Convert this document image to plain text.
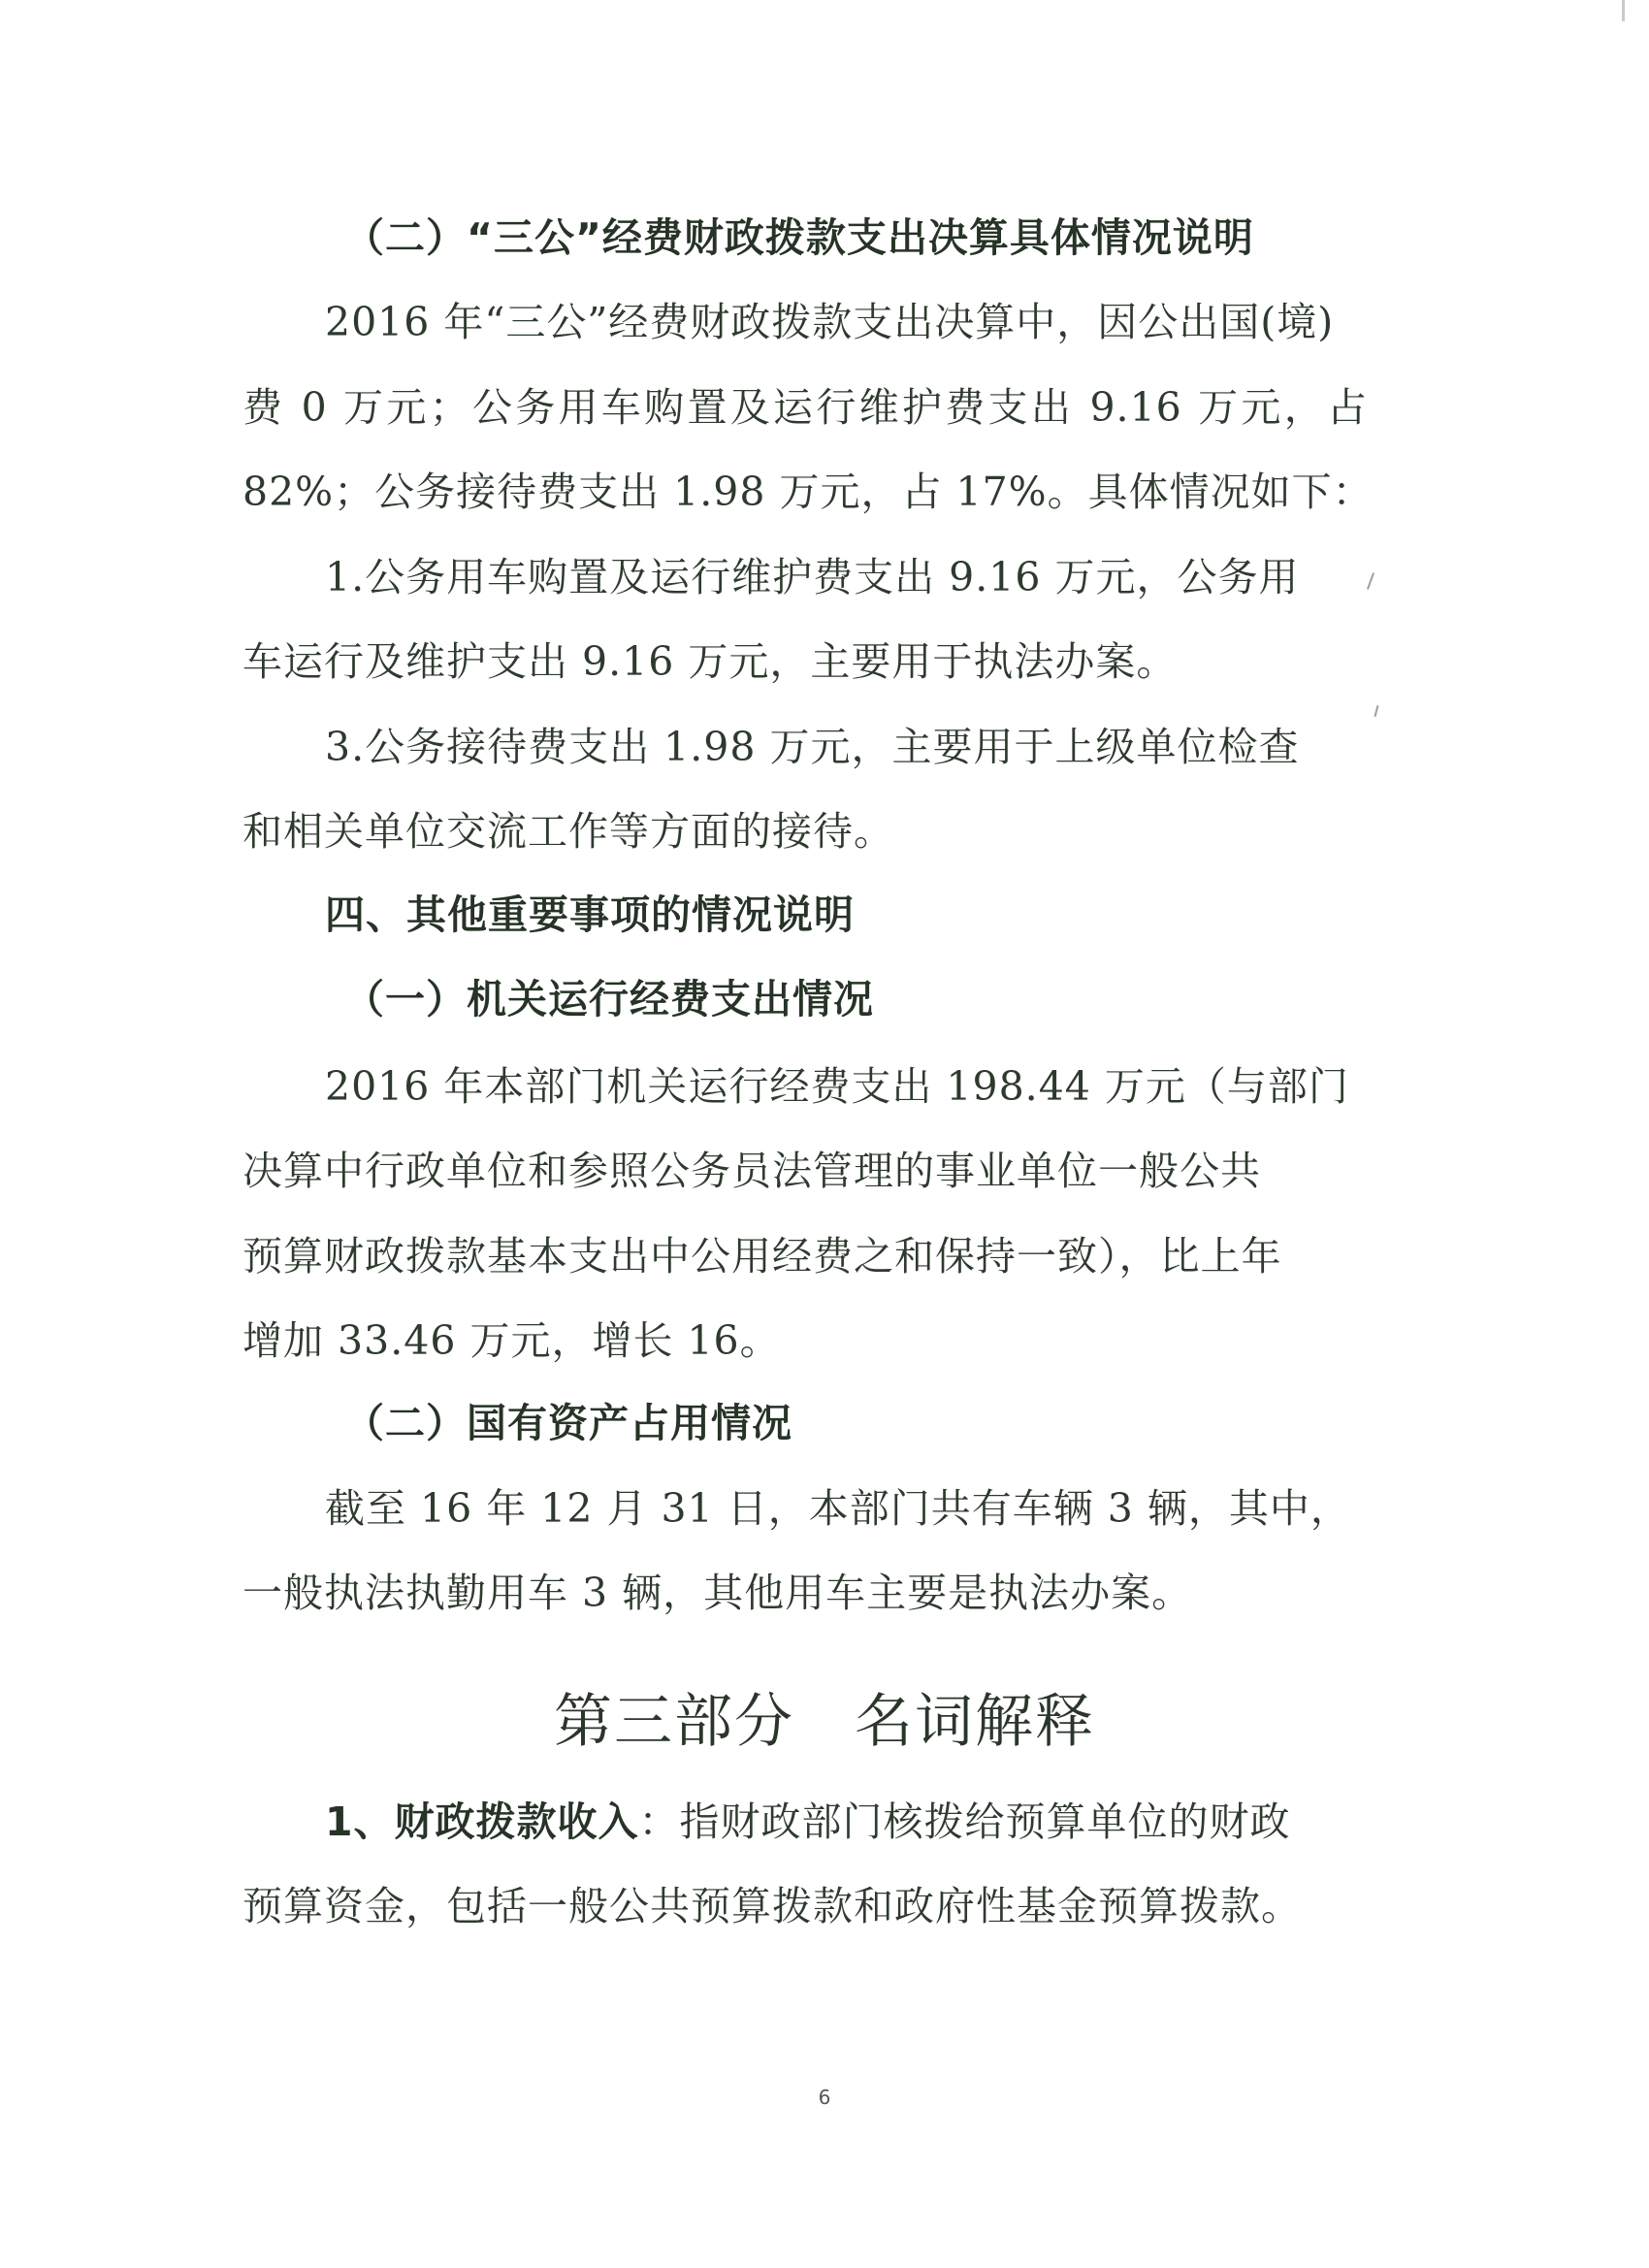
（二）“三公”经费财政拨款支出决算具体情况说明
2016 年“三公”经费财政拨款支出决算中，因公出国(境)
费 0 万元；公务用车购置及运行维护费支出 9.16 万元，占
82%；公务接待费支出 1.98 万元，占 17%。具体情况如下：
1.公务用车购置及运行维护费支出 9.16 万元，公务用
车运行及维护支出 9.16 万元，主要用于执法办案。
3.公务接待费支出 1.98 万元，主要用于上级单位检查
和相关单位交流工作等方面的接待。
四、其他重要事项的情况说明
（一）机关运行经费支出情况
2016 年本部门机关运行经费支出 198.44 万元（与部门
决算中行政单位和参照公务员法管理的事业单位一般公共
预算财政拨款基本支出中公用经费之和保持一致），比上年
增加 33.46 万元，增长 16。
（二）国有资产占用情况
截至 16 年 12 月 31 日，本部门共有车辆 3 辆，其中，
一般执法执勤用车 3 辆，其他用车主要是执法办案。
第三部分　名词解释
1、财政拨款收入：指财政部门核拨给预算单位的财政
预算资金，包括一般公共预算拨款和政府性基金预算拨款。
6
